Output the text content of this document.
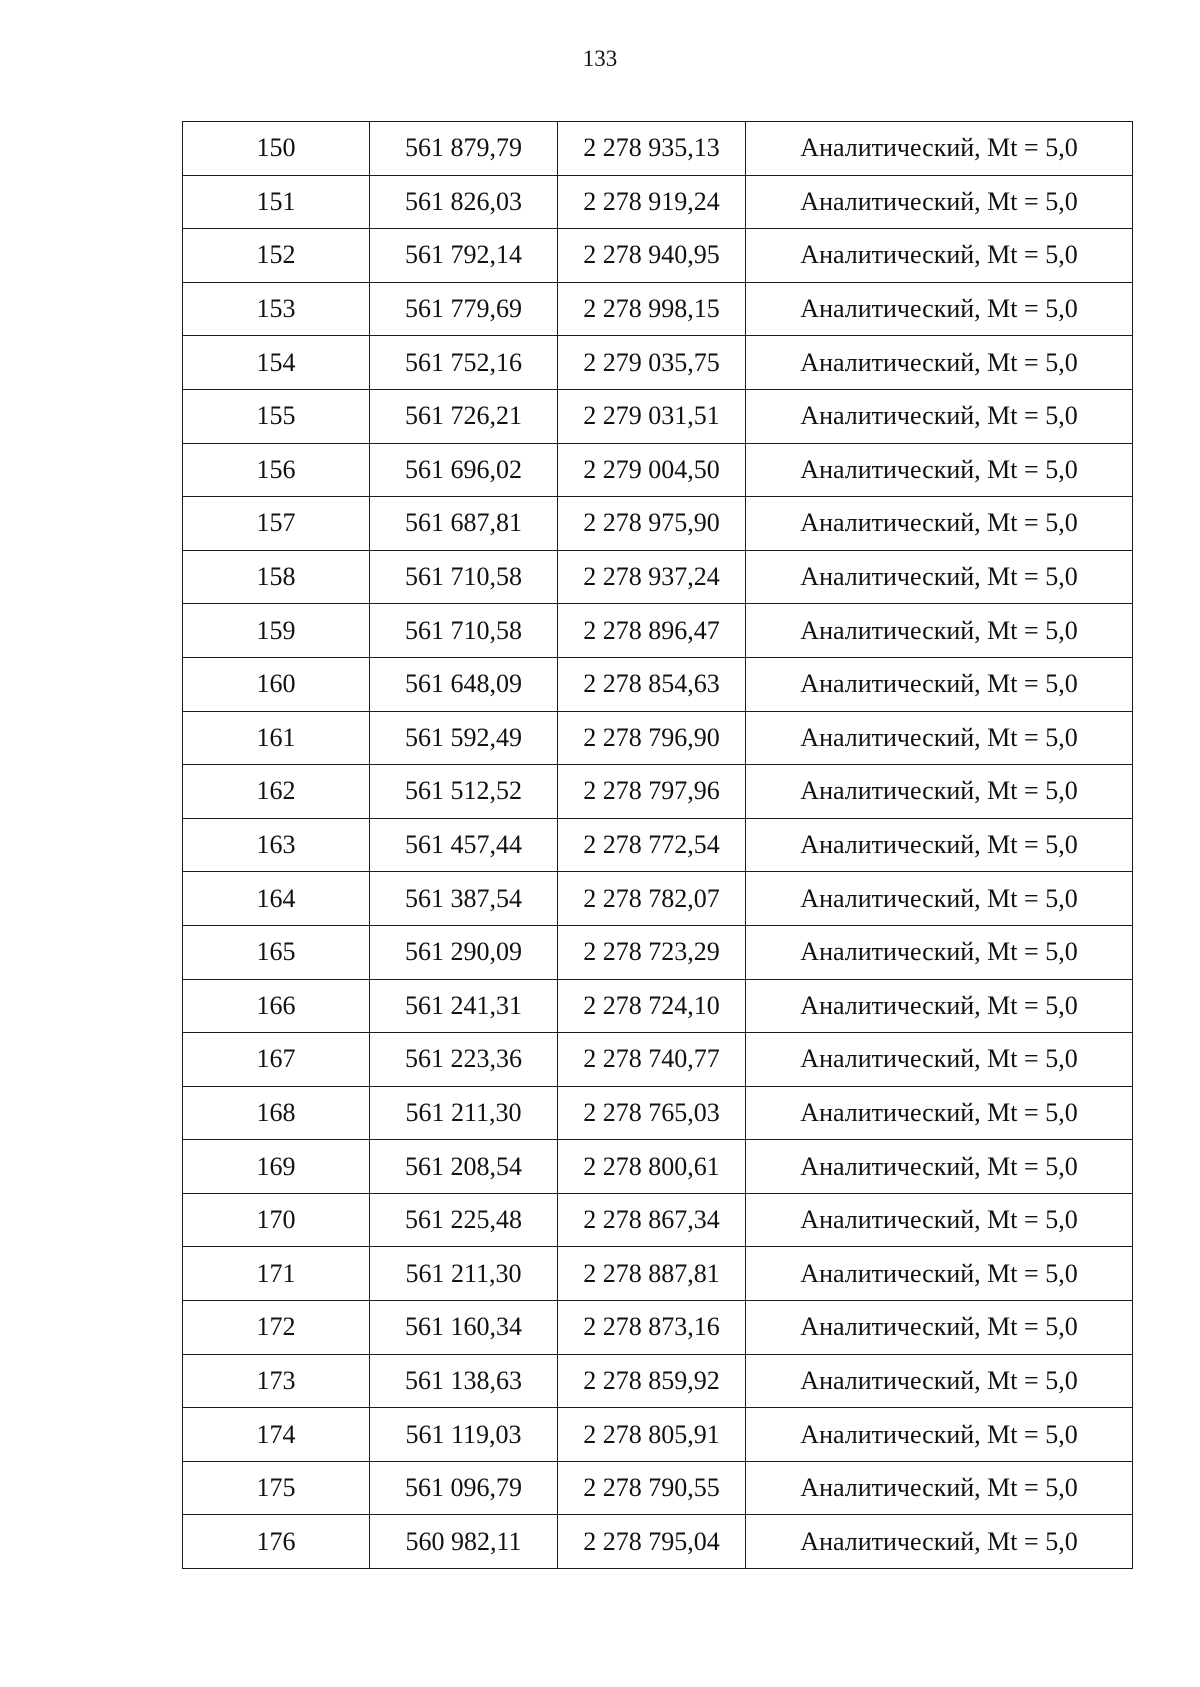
133
150	561 879,79	2 278 935,13	Аналитический, Mt = 5,0
151	561 826,03	2 278 919,24	Аналитический, Mt = 5,0
152	561 792,14	2 278 940,95	Аналитический, Mt = 5,0
153	561 779,69	2 278 998,15	Аналитический, Mt = 5,0
154	561 752,16	2 279 035,75	Аналитический, Mt = 5,0
155	561 726,21	2 279 031,51	Аналитический, Mt = 5,0
156	561 696,02	2 279 004,50	Аналитический, Mt = 5,0
157	561 687,81	2 278 975,90	Аналитический, Mt = 5,0
158	561 710,58	2 278 937,24	Аналитический, Mt = 5,0
159	561 710,58	2 278 896,47	Аналитический, Mt = 5,0
160	561 648,09	2 278 854,63	Аналитический, Mt = 5,0
161	561 592,49	2 278 796,90	Аналитический, Mt = 5,0
162	561 512,52	2 278 797,96	Аналитический, Mt = 5,0
163	561 457,44	2 278 772,54	Аналитический, Mt = 5,0
164	561 387,54	2 278 782,07	Аналитический, Mt = 5,0
165	561 290,09	2 278 723,29	Аналитический, Mt = 5,0
166	561 241,31	2 278 724,10	Аналитический, Mt = 5,0
167	561 223,36	2 278 740,77	Аналитический, Mt = 5,0
168	561 211,30	2 278 765,03	Аналитический, Mt = 5,0
169	561 208,54	2 278 800,61	Аналитический, Mt = 5,0
170	561 225,48	2 278 867,34	Аналитический, Mt = 5,0
171	561 211,30	2 278 887,81	Аналитический, Mt = 5,0
172	561 160,34	2 278 873,16	Аналитический, Mt = 5,0
173	561 138,63	2 278 859,92	Аналитический, Mt = 5,0
174	561 119,03	2 278 805,91	Аналитический, Mt = 5,0
175	561 096,79	2 278 790,55	Аналитический, Mt = 5,0
176	560 982,11	2 278 795,04	Аналитический, Mt = 5,0
